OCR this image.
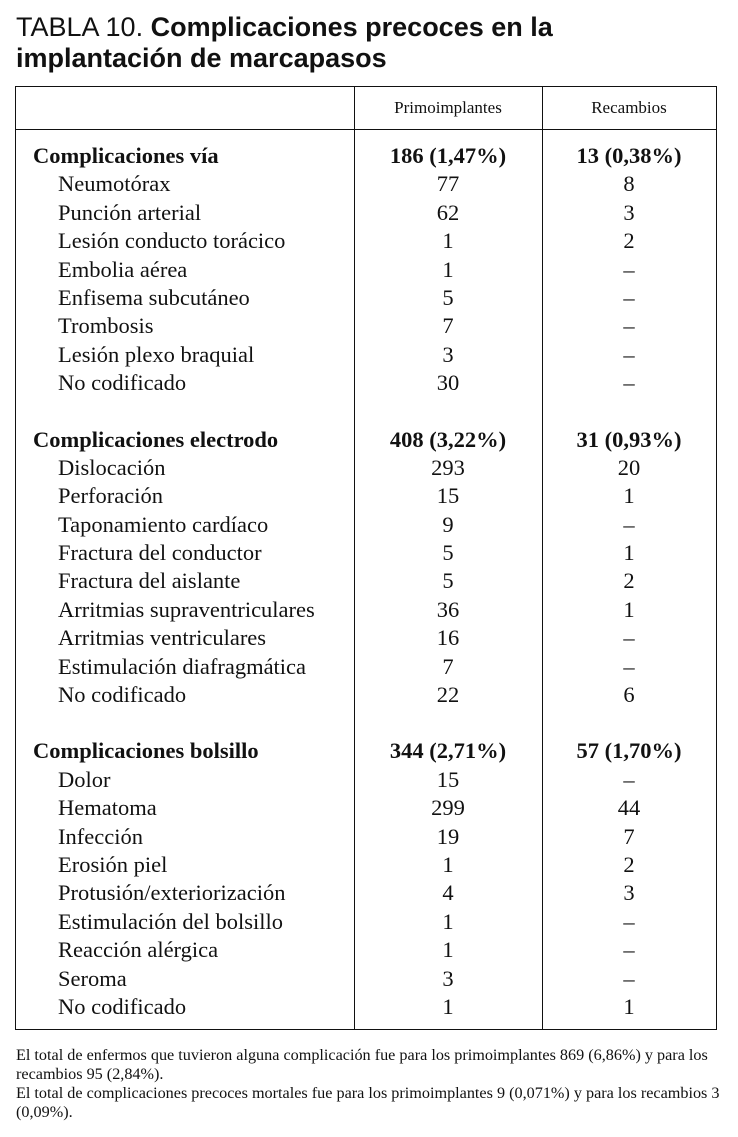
TABLA 10. Complicaciones precoces en la implantación de marcapasos
Primoimplantes	Recambios
Complicaciones vía	186 (1,47%)	13 (0,38%)
Neumotórax	77	8
Punción arterial	62	3
Lesión conducto torácico	1	2
Embolia aérea	1	–
Enfisema subcutáneo	5	–
Trombosis	7	–
Lesión plexo braquial	3	–
No codificado	30	–
Complicaciones electrodo	408 (3,22%)	31 (0,93%)
Dislocación	293	20
Perforación	15	1
Taponamiento cardíaco	9	–
Fractura del conductor	5	1
Fractura del aislante	5	2
Arritmias supraventriculares	36	1
Arritmias ventriculares	16	–
Estimulación diafragmática	7	–
No codificado	22	6
Complicaciones bolsillo	344 (2,71%)	57 (1,70%)
Dolor	15	–
Hematoma	299	44
Infección	19	7
Erosión piel	1	2
Protusión/exteriorización	4	3
Estimulación del bolsillo	1	–
Reacción alérgica	1	–
Seroma	3	–
No codificado	1	1

El total de enfermos que tuvieron alguna complicación fue para los primoimplantes 869 (6,86%) y para los recambios 95 (2,84%).

El total de complicaciones precoces mortales fue para los primoimplantes 9 (0,071%) y para los recambios 3 (0,09%).
